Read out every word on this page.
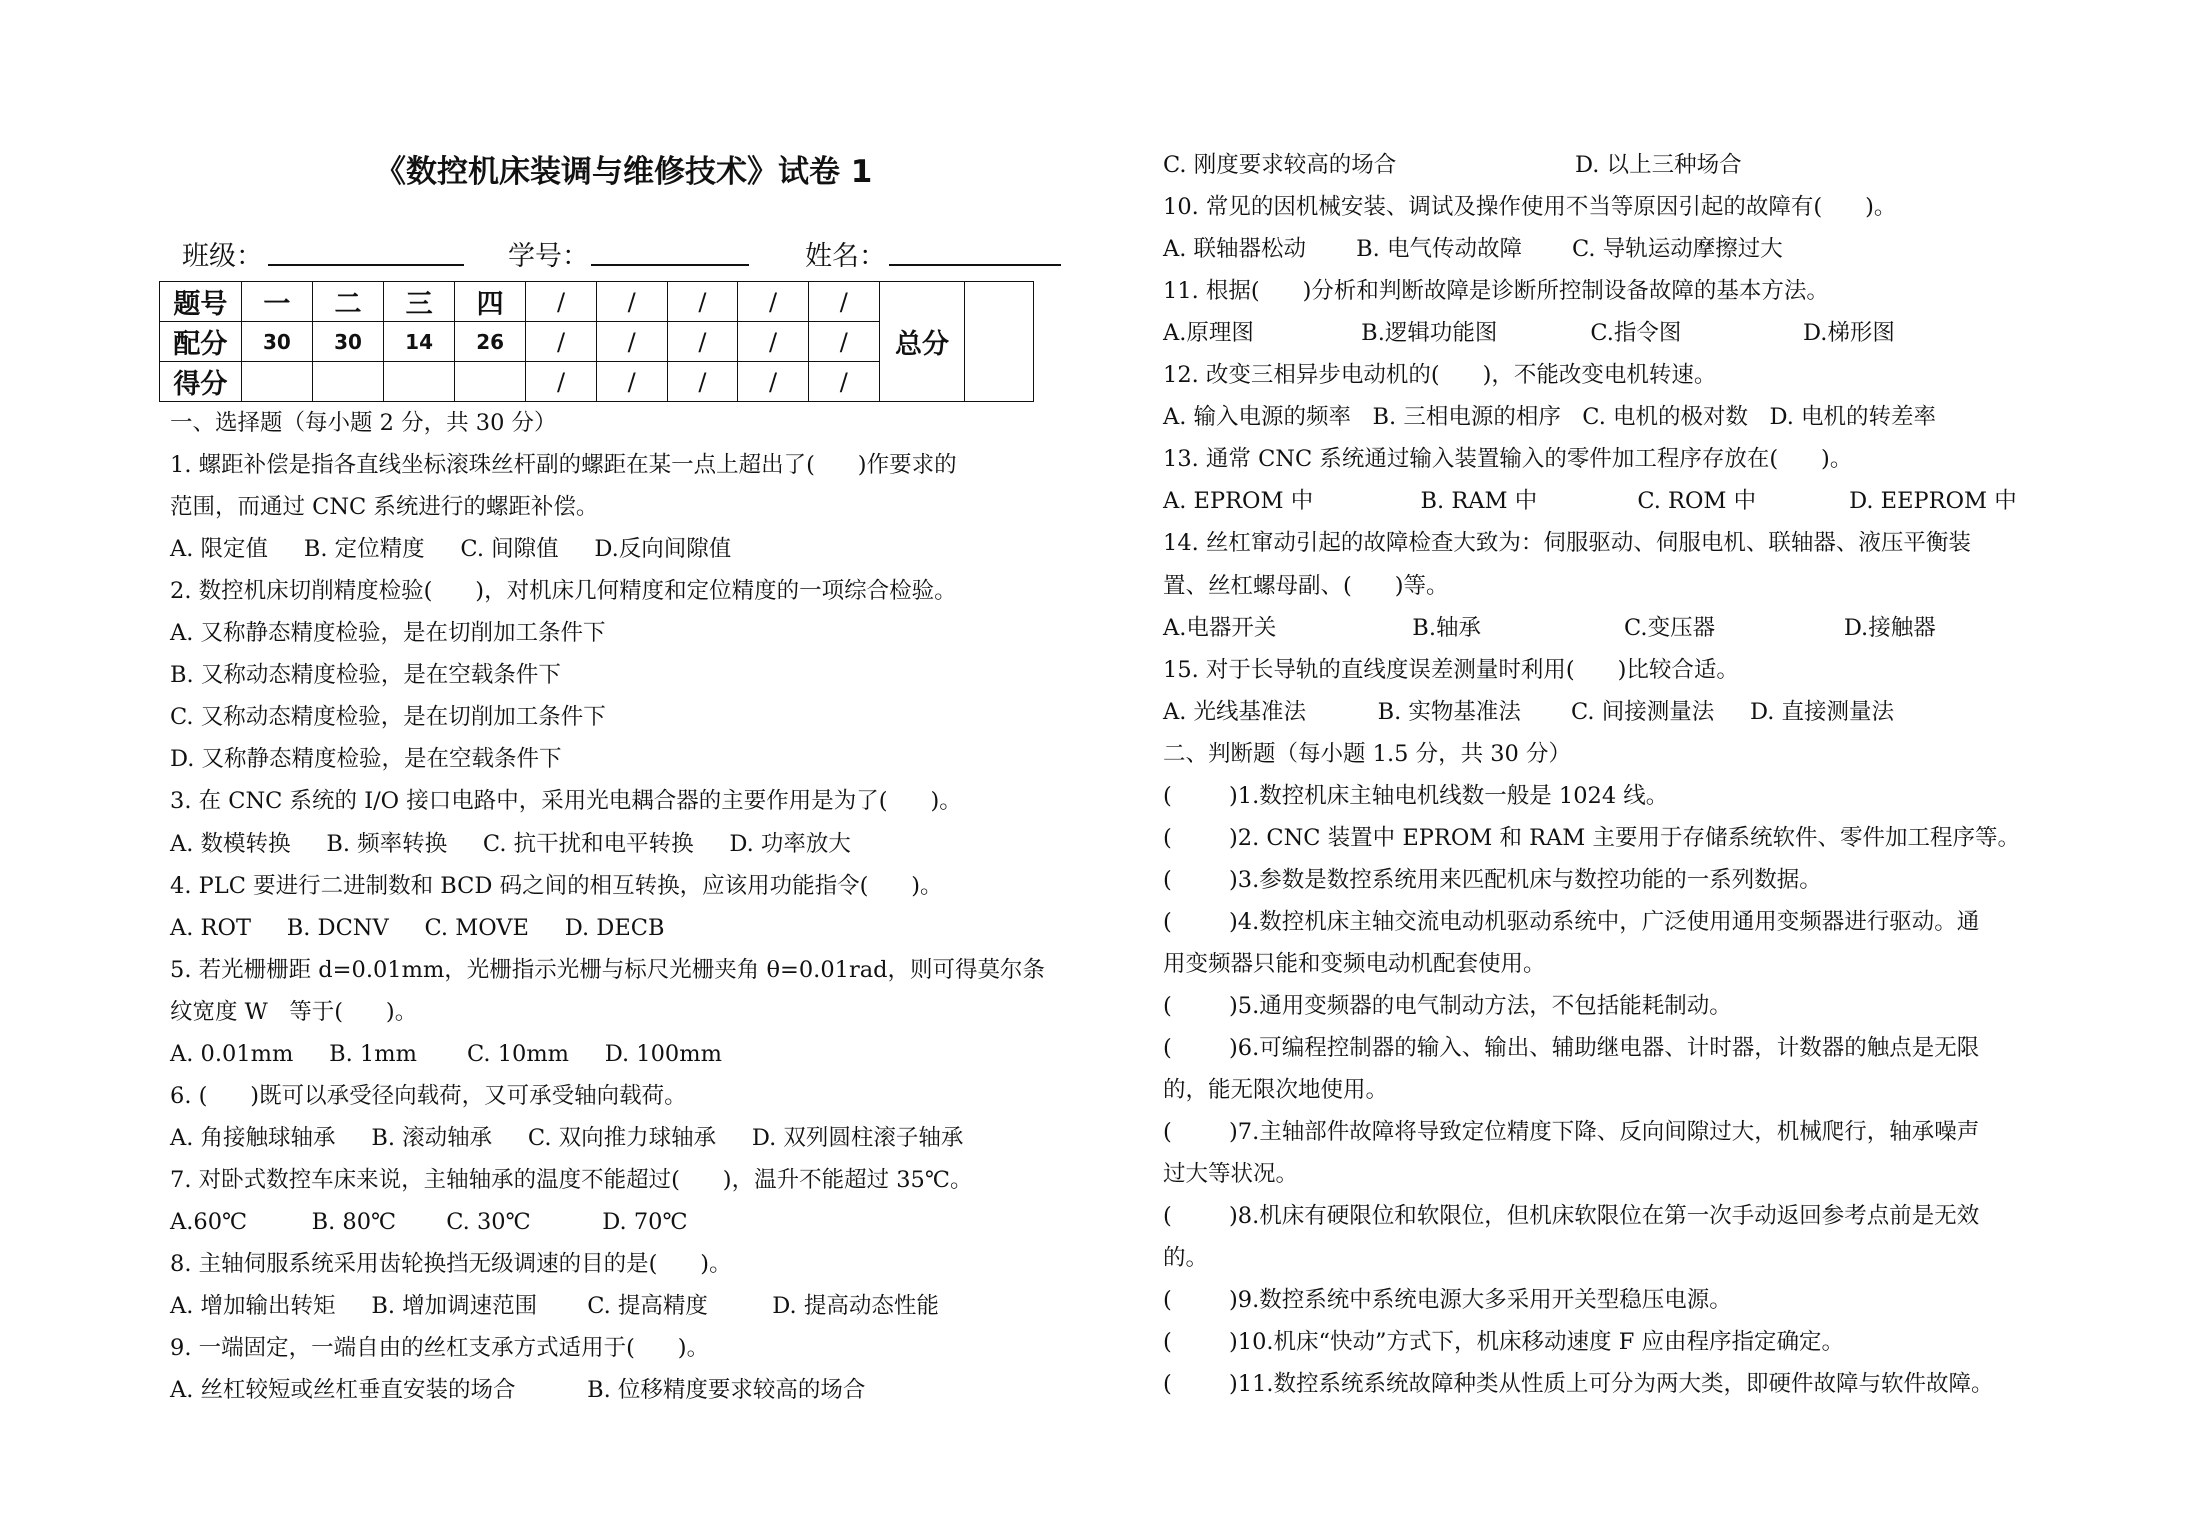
《数控机床装调与维修技术》试卷 1
班级：	学号：	姓名：
题号	一	二	三	四	/	/	/	/	/	总分	
配分	30	30	14	26	/	/	/	/	/		
得分					/	/	/	/	/		
一、选择题（每小题 2 分，共 30 分）
1. 螺距补偿是指各直线坐标滚珠丝杆副的螺距在某一点上超出了(      )作要求的
范围，而通过 CNC 系统进行的螺距补偿。
A. 限定值     B. 定位精度     C. 间隙值     D.反向间隙值
2. 数控机床切削精度检验(      )，对机床几何精度和定位精度的一项综合检验。
A. 又称静态精度检验，是在切削加工条件下
B. 又称动态精度检验，是在空载条件下
C. 又称动态精度检验，是在切削加工条件下
D. 又称静态精度检验，是在空载条件下
3. 在 CNC 系统的 I/O 接口电路中，采用光电耦合器的主要作用是为了(      )。
A. 数模转换     B. 频率转换     C. 抗干扰和电平转换     D. 功率放大
4. PLC 要进行二进制数和 BCD 码之间的相互转换，应该用功能指令(      )。
A. ROT     B. DCNV     C. MOVE     D. DECB
5. 若光栅栅距 d=0.01mm，光栅指示光栅与标尺光栅夹角 θ=0.01rad，则可得莫尔条
纹宽度 W   等于(      )。
A. 0.01mm     B. 1mm       C. 10mm     D. 100mm
6. (      )既可以承受径向载荷，又可承受轴向载荷。
A. 角接触球轴承     B. 滚动轴承     C. 双向推力球轴承     D. 双列圆柱滚子轴承
7. 对卧式数控车床来说，主轴轴承的温度不能超过(      )，温升不能超过 35℃。
A.60℃         B. 80℃       C. 30℃          D. 70℃
8. 主轴伺服系统采用齿轮换挡无级调速的目的是(      )。
A. 增加输出转矩     B. 增加调速范围       C. 提高精度         D. 提高动态性能
9. 一端固定，一端自由的丝杠支承方式适用于(      )。
A. 丝杠较短或丝杠垂直安装的场合          B. 位移精度要求较高的场合
C. 刚度要求较高的场合                         D. 以上三种场合
10. 常见的因机械安装、调试及操作使用不当等原因引起的故障有(      )。
A. 联轴器松动       B. 电气传动故障       C. 导轨运动摩擦过大
11. 根据(      )分析和判断故障是诊断所控制设备故障的基本方法。
A.原理图               B.逻辑功能图             C.指令图                 D.梯形图
12. 改变三相异步电动机的(      )，不能改变电机转速。
A. 输入电源的频率   B. 三相电源的相序   C. 电机的极对数   D. 电机的转差率
13. 通常 CNC 系统通过输入装置输入的零件加工程序存放在(      )。
A. EPROM 中               B. RAM 中              C. ROM 中             D. EEPROM 中
14. 丝杠窜动引起的故障检查大致为：伺服驱动、伺服电机、联轴器、液压平衡装
置、丝杠螺母副、(      )等。
A.电器开关                   B.轴承                    C.变压器                  D.接触器
15. 对于长导轨的直线度误差测量时利用(      )比较合适。
A. 光线基准法          B. 实物基准法       C. 间接测量法     D. 直接测量法
二、判断题（每小题 1.5 分，共 30 分）
(        )1.数控机床主轴电机线数一般是 1024 线。
(        )2. CNC 装置中 EPROM 和 RAM 主要用于存储系统软件、零件加工程序等。
(        )3.参数是数控系统用来匹配机床与数控功能的一系列数据。
(        )4.数控机床主轴交流电动机驱动系统中，广泛使用通用变频器进行驱动。通
用变频器只能和变频电动机配套使用。
(        )5.通用变频器的电气制动方法，不包括能耗制动。
(        )6.可编程控制器的输入、输出、辅助继电器、计时器，计数器的触点是无限
的，能无限次地使用。
(        )7.主轴部件故障将导致定位精度下降、反向间隙过大，机械爬行，轴承噪声
过大等状况。
(        )8.机床有硬限位和软限位，但机床软限位在第一次手动返回参考点前是无效
的。
(        )9.数控系统中系统电源大多采用开关型稳压电源。
(        )10.机床“快动”方式下，机床移动速度 F 应由程序指定确定。
(        )11.数控系统系统故障种类从性质上可分为两大类，即硬件故障与软件故障。
